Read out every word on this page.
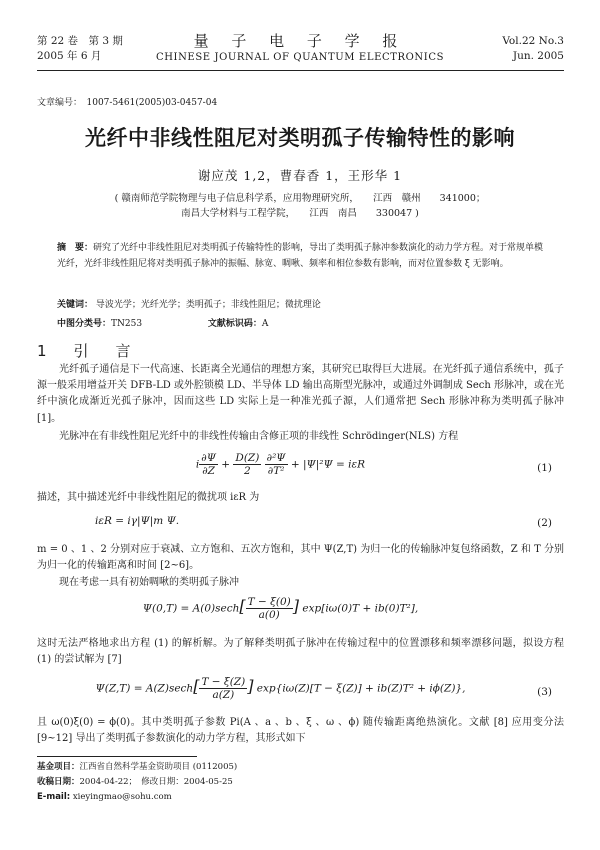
第 22 卷　第 3 期
2005 年 6 月
量 子 电 子 学 报
CHINESE JOURNAL OF QUANTUM ELECTRONICS
Vol.22 No.3
Jun. 2005
文章编号：　1007-5461(2005)03-0457-04
光纤中非线性阻尼对类明孤子传输特性的影响
谢应茂 1,2，曹春香 1，王形华 1
( 赣南师范学院物理与电子信息科学系，应用物理研究所，　　江西　赣州　　341000；
南昌大学材料与工程学院，　　江西　南昌　　330047 )
摘　要：研究了光纤中非线性阻尼对类明孤子传输特性的影响，导出了类明孤子脉冲参数演化的动力学方程。对于常规单模光纤，光纤非线性阻尼将对类明孤子脉冲的振幅、脉宽、啁啾、频率和相位参数有影响，而对位置参数 ξ 无影响。
关键词： 导波光学；光纤光学；类明孤子；非线性阻尼；微扰理论
中图分类号：TN253	文献标识码：A
1　引　言
光纤孤子通信是下一代高速、长距离全光通信的理想方案，其研究已取得巨大进展。在光纤孤子通信系统中，孤子源一般采用增益开关 DFB-LD 或外腔锁模 LD、半导体 LD 输出高斯型光脉冲，或通过外调制成 Sech 形脉冲，或在光纤中演化成渐近光孤子脉冲，因而这些 LD 实际上是一种准光孤子源，人们通常把 Sech 形脉冲称为类明孤子脉冲 [1]。
光脉冲在有非线性阻尼光纤中的非线性传输由含修正项的非线性 Schrödinger(NLS) 方程
i $\frac{\partial\Psi}{\partial Z} + \frac{D(Z)}{2}$
$\frac{\text{∂²Ψ}}{\text{∂T²}} + |\Psi|^2\Psi = i\varepsilon R$	(1)
描述，其中描述光纤中非线性阻尼的微扰项 iεR 为
iεR = iγ|Ψ|m Ψ.	(2)
m = 0 、1 、2 分别对应于衰减、立方饱和、五次方饱和，其中 Ψ(Z,T) 为归一化的传输脉冲复包络函数，Z 和 T 分别为归一化的传输距离和时间 [2~6]。
现在考虑一具有初始啁啾的类明孤子脉冲
$\Psi(0,T) = A(0)\sec h[ \frac{T - \xi(0)}{a(0)}$ ] exp[iω(0)T + ib(0)T²],
这时无法严格地求出方程 (1) 的解析解。为了解释类明孤子脉冲在传输过程中的位置漂移和频率漂移问题，拟设方程 (1) 的尝试解为 [7]
$\Psi(Z,T) = A(Z)\sec h[ \frac{T - \xi(Z)}{a(Z)}$ ] exp{iω(Z)[T − ξ(Z)] + ib(Z)T² + iϕ(Z)},	(3)
且 ω(0)ξ(0) = ϕ(0)。其中类明孤子参数 Pi(A 、a 、b 、ξ 、ω 、ϕ) 随传输距离绝热演化。文献 [8] 应用变分法 [9~12] 导出了类明孤子参数演化的动力学方程，其形式如下
基金项目：江西省自然科学基金资助项目 (0112005)
收稿日期：2004-04-22；　修改日期：2004-05-25
E-mail: xieyingmao@sohu.com
